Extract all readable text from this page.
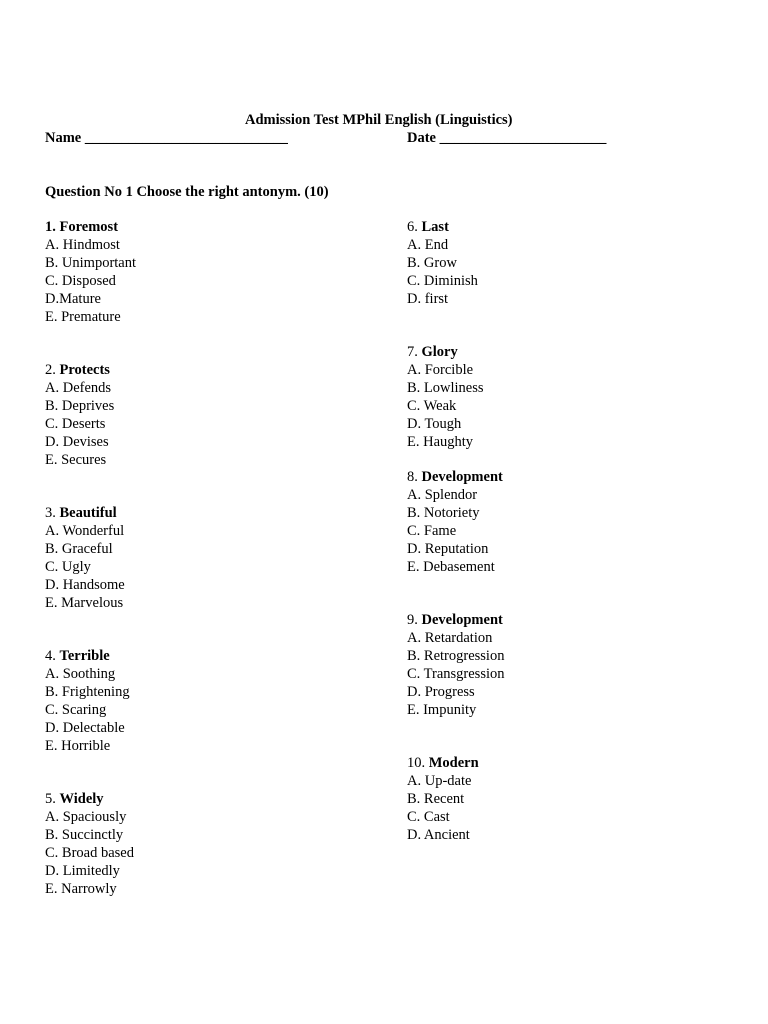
Admission Test MPhil English (Linguistics)
Name ____________________________	Date _______________________
Question No 1 Choose the right antonym. (10)
1. Foremost
A. Hindmost
B. Unimportant
C. Disposed
D.Mature
E. Premature
2. Protects
A. Defends
B. Deprives
C. Deserts
D. Devises
E. Secures
3. Beautiful
A. Wonderful
B. Graceful
C. Ugly
D. Handsome
E. Marvelous
4. Terrible
A. Soothing
B. Frightening
C. Scaring
D. Delectable
E. Horrible
5. Widely
A. Spaciously
B. Succinctly
C. Broad based
D. Limitedly
E. Narrowly
6. Last
A. End
B. Grow
C. Diminish
D. first
7. Glory
A. Forcible
B. Lowliness
C. Weak
D. Tough
E. Haughty
8. Development
A. Splendor
B. Notoriety
C. Fame
D. Reputation
E. Debasement
9. Development
A. Retardation
B. Retrogression
C. Transgression
D. Progress
E. Impunity
10. Modern
A. Up-date
B. Recent
C. Cast
D. Ancient
